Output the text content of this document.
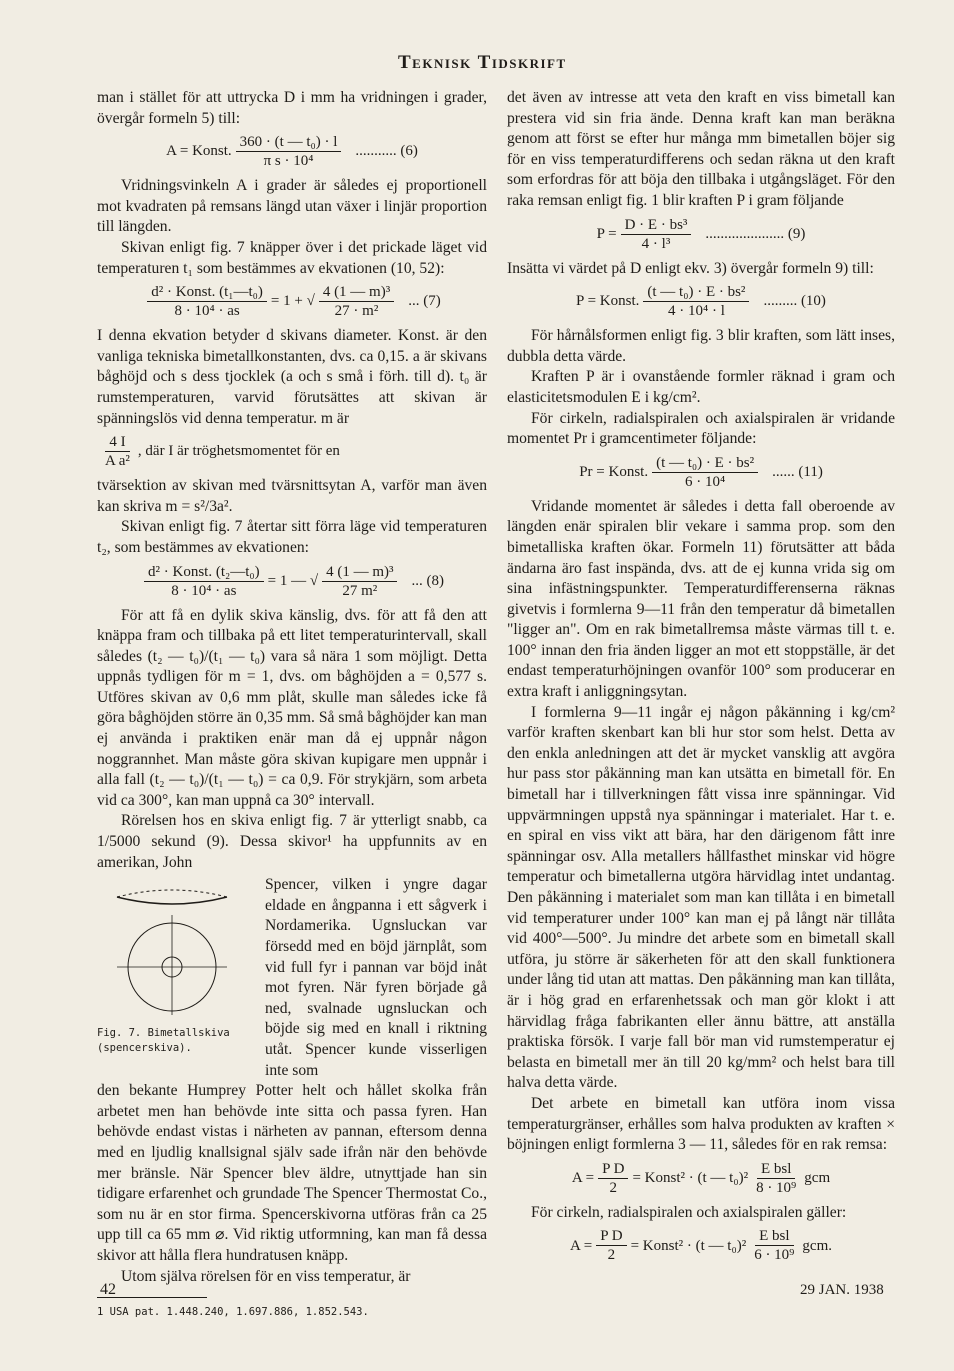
Teknisk Tidskrift

man i stället för att uttrycka D i mm ha vridningen i grader, övergår formeln 5) till:

A = Konst. $\frac{\text{360 · (t — t₀) · l}}{\text{π s · 10⁴}}$ ........... (6)

Vridningsvinkeln A i grader är således ej proportionell mot kvadraten på remsans längd utan växer i linjär proportion till längden.

Skivan enligt fig. 7 knäpper över i det prickade läget vid temperaturen t₁ som bestämmes av ekvationen (10, 52):

$\frac{\text{d² · Konst. (t₁—t₀)}}{\text{8 · 10⁴ · as}} = 1$ + √ $\frac{\text{4 (1 — m)³}}{\text{27 · m²}}$ ... (7)

I denna ekvation betyder d skivans diameter. Konst. är den vanliga tekniska bimetallkonstanten, dvs. ca 0,15. a är skivans båghöjd och s dess tjocklek (a och s små i förh. till d). t₀ är rumstemperaturen, varvid förutsättes att skivan är spänningslös vid denna temperatur. m är

$\frac{4 I}{\text{A a²}}$ , där I är tröghetsmomentet för en

tvärsektion av skivan med tvärsnittsytan A, varför man även kan skriva m = s²/3a².

Skivan enligt fig. 7 återtar sitt förra läge vid temperaturen t₂, som bestämmes av ekvationen:

$\frac{\text{d² · Konst. (t₂—t₀)}}{\text{8 · 10⁴ · as}} = 1$ — √ $\frac{\text{4 (1 — m)³}}{\text{27 m²}}$ ... (8)

För att få en dylik skiva känslig, dvs. för att få den att knäppa fram och tillbaka på ett litet temperaturintervall, skall således (t₂ — t₀)/(t₁ — t₀) vara så nära 1 som möjligt. Detta uppnås tydligen för m = 1, dvs. om båghöjden a = 0,577 s. Utföres skivan av 0,6 mm plåt, skulle man således icke få göra båghöjden större än 0,35 mm. Så små båghöjder kan man ej använda i praktiken enär man då ej uppnår någon noggrannhet. Man måste göra skivan kupigare men uppnår i alla fall (t₂ — t₀)/(t₁ — t₀) = ca 0,9. För strykjärn, som arbeta vid ca 300°, kan man uppnå ca 30° intervall.

Rörelsen hos en skiva enligt fig. 7 är ytterligt snabb, ca 1/5000 sekund (9). Dessa skivor¹ ha uppfunnits av en amerikan, John

Fig. 7. Bimetallskiva (spencerskiva).

Spencer, vilken i yngre dagar eldade en ångpanna i ett sågverk i Nordamerika. Ugnsluckan var försedd med en böjd järnplåt, som vid full fyr i pannan var böjd inåt mot fyren. När fyren började gå ned, svalnade ugnsluckan och böjde sig med en knall i riktning utåt. Spencer kunde visserligen inte som

den bekante Humprey Potter helt och hållet skolka från arbetet men han behövde inte sitta och passa fyren. Han behövde endast vistas i närheten av pannan, eftersom denna med en ljudlig knallsignal själv sade ifrån när den behövde mer bränsle. När Spencer blev äldre, utnyttjade han sin tidigare erfarenhet och grundade The Spencer Thermostat Co., som nu är en stor firma. Spencerskivorna utföras från ca 25 upp till ca 65 mm ⌀. Vid riktig utformning, kan man få dessa skivor att hålla flera hundratusen knäpp.

Utom själva rörelsen för en viss temperatur, är

1 USA pat. 1.448.240, 1.697.886, 1.852.543.

det även av intresse att veta den kraft en viss bimetall kan prestera vid sin fria ände. Denna kraft kan man beräkna genom att först se efter hur många mm bimetallen böjer sig för en viss temperaturdifferens och sedan räkna ut den kraft som erfordras för att böja den tillbaka i utgångsläget. För den raka remsan enligt fig. 1 blir kraften P i gram följande

$P = \frac{\text{D · E · bs³}}{\text{4 · l³}}$ ..................... (9)

Insätta vi värdet på D enligt ekv. 3) övergår formeln 9) till:

P = Konst. $\frac{\text{(t — t₀) · E · bs²}}{\text{4 · 10⁴ · l}}$ ......... (10)

För hårnålsformen enligt fig. 3 blir kraften, som lätt inses, dubbla detta värde.

Kraften P är i ovanstående formler räknad i gram och elasticitetsmodulen E i kg/cm².

För cirkeln, radialspiralen och axialspiralen är vridande momentet Pr i gramcentimeter följande:

Pr = Konst. $\frac{\text{(t — t₀) · E · bs²}}{\text{6 · 10⁴}}$ ...... (11)

Vridande momentet är således i detta fall oberoende av längden enär spiralen blir vekare i samma prop. som den bimetalliska kraften ökar. Formeln 11) förutsätter att båda ändarna äro fast inspända, dvs. att de ej kunna vrida sig om sina infästningspunkter. Temperaturdifferenserna räknas givetvis i formlerna 9—11 från den temperatur då bimetallen "ligger an". Om en rak bimetallremsa måste värmas till t. e. 100° innan den fria änden ligger an mot ett stoppställe, är det endast temperaturhöjningen ovanför 100° som producerar en extra kraft i anliggningsytan.

I formlerna 9—11 ingår ej någon påkänning i kg/cm² varför kraften skenbart kan bli hur stor som helst. Detta av den enkla anledningen att det är mycket vansklig att avgöra hur pass stor påkänning man kan utsätta en bimetall för. En bimetall har i tillverkningen fått vissa inre spänningar. Vid uppvärmningen uppstå nya spänningar i materialet. Har t. e. en spiral en viss vikt att bära, har den därigenom fått inre spänningar osv. Alla metallers hållfasthet minskar vid högre temperatur och bimetallerna utgöra härvidlag intet undantag. Den påkänning i materialet som man kan tillåta i en bimetall vid temperaturer under 100° kan man ej på långt när tillåta vid 400°—500°. Ju mindre det arbete som en bimetall skall utföra, ju större är säkerheten för att den skall funktionera under lång tid utan att mattas. Den påkänning man kan tillåta, är i hög grad en erfarenhetssak och man gör klokt i att härvidlag fråga fabrikanten eller ännu bättre, att anställa praktiska försök. I varje fall bör man vid rumstemperatur ej belasta en bimetall mer än till 20 kg/mm² och helst bara till halva detta värde.

Det arbete en bimetall kan utföra inom vissa temperaturgränser, erhålles som halva produkten av kraften × böjningen enligt formlerna 3 — 11, således för en rak remsa:

$A = \frac{\text{P D}}{2}$ = Konst² · (t — $t_0)^2 \frac{\text{E bsl}}{\text{8 · 10⁹}}$ gcm

För cirkeln, radialspiralen och axialspiralen gäller:

$A = \frac{\text{P D}}{2}$ = Konst² · (t — $t_0)^2 \frac{\text{E bsl}}{\text{6 · 10⁹}}$ gcm.
42	29 JAN. 1938
